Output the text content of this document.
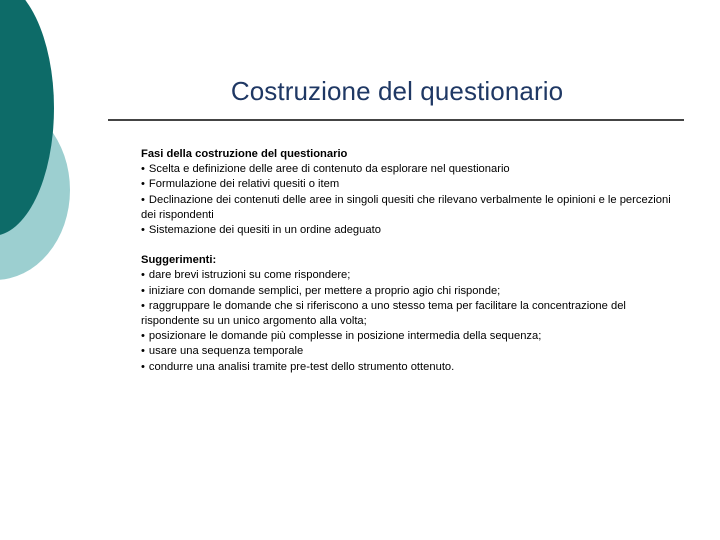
Costruzione del questionario

Fasi della costruzione del questionario

• Scelta e definizione delle aree di contenuto da esplorare nel questionario

• Formulazione dei relativi quesiti o item

• Declinazione dei contenuti delle aree in singoli quesiti che rilevano verbalmente le opinioni e le percezioni dei rispondenti

• Sistemazione dei quesiti in un ordine adeguato

Suggerimenti:

• dare brevi istruzioni su come rispondere;

• iniziare con domande semplici, per mettere a proprio agio chi risponde;

• raggruppare le domande che si riferiscono a uno stesso tema per facilitare la concentrazione del rispondente su un unico argomento alla volta;

• posizionare le domande più complesse in posizione intermedia della sequenza;

• usare una sequenza temporale

• condurre una analisi tramite pre-test dello strumento ottenuto.
